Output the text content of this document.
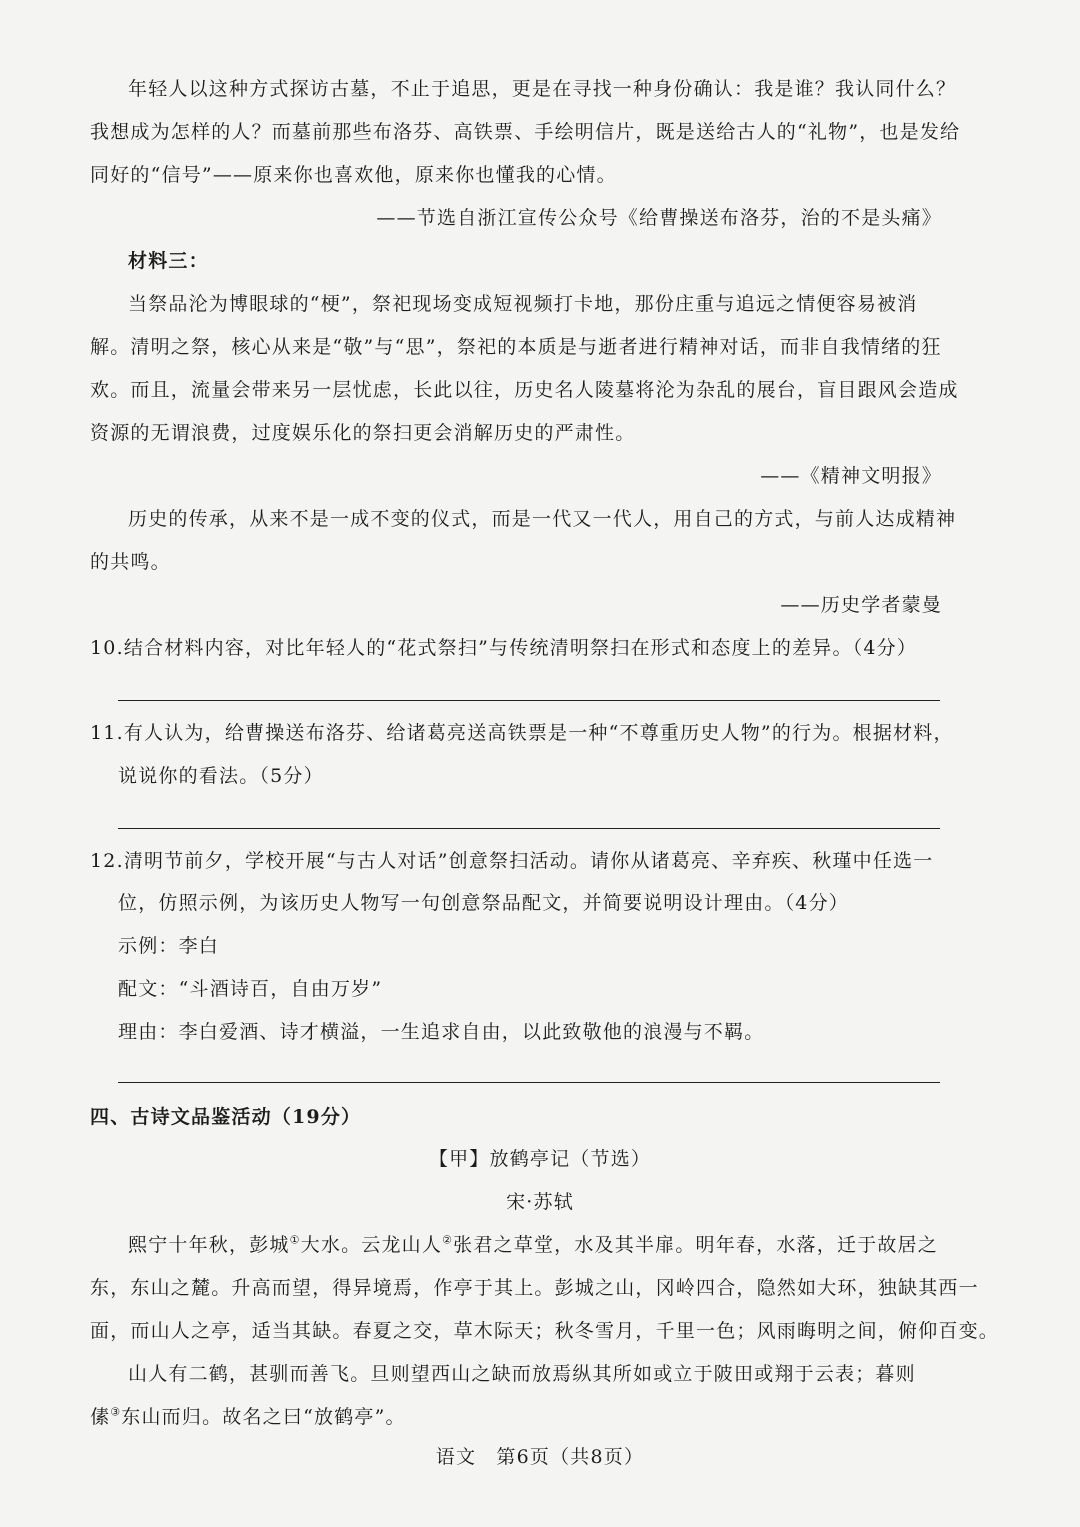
年轻人以这种方式探访古墓，不止于追思，更是在寻找一种身份确认：我是谁？我认同什么？
我想成为怎样的人？而墓前那些布洛芬、高铁票、手绘明信片，既是送给古人的“礼物”，也是发给
同好的“信号”——原来你也喜欢他，原来你也懂我的心情。
——节选自浙江宣传公众号《给曹操送布洛芬，治的不是头痛》
材料三：
当祭品沦为博眼球的“梗”，祭祀现场变成短视频打卡地，那份庄重与追远之情便容易被消
解。清明之祭，核心从来是“敬”与“思”，祭祀的本质是与逝者进行精神对话，而非自我情绪的狂
欢。而且，流量会带来另一层忧虑，长此以往，历史名人陵墓将沦为杂乱的展台，盲目跟风会造成
资源的无谓浪费，过度娱乐化的祭扫更会消解历史的严肃性。
——《精神文明报》
历史的传承，从来不是一成不变的仪式，而是一代又一代人，用自己的方式，与前人达成精神
的共鸣。
——历史学者蒙曼
10.结合材料内容，对比年轻人的“花式祭扫”与传统清明祭扫在形式和态度上的差异。（4分）
11.有人认为，给曹操送布洛芬、给诸葛亮送高铁票是一种“不尊重历史人物”的行为。根据材料，
说说你的看法。（5分）
12.清明节前夕，学校开展“与古人对话”创意祭扫活动。请你从诸葛亮、辛弃疾、秋瑾中任选一
位，仿照示例，为该历史人物写一句创意祭品配文，并简要说明设计理由。（4分）
示例：李白
配文：“斗酒诗百，自由万岁”
理由：李白爱酒、诗才横溢，一生追求自由，以此致敬他的浪漫与不羁。
四、古诗文品鉴活动（19分）
【甲】放鹤亭记（节选）
宋·苏轼
熙宁十年秋，彭城①大水。云龙山人②张君之草堂，水及其半扉。明年春，水落，迁于故居之
东，东山之麓。升高而望，得异境焉，作亭于其上。彭城之山，冈岭四合，隐然如大环，独缺其西一
面，而山人之亭，适当其缺。春夏之交，草木际天；秋冬雪月，千里一色；风雨晦明之间，俯仰百变。
山人有二鹤，甚驯而善飞。旦则望西山之缺而放焉纵其所如或立于陂田或翔于云表；暮则
傃③东山而归。故名之曰“放鹤亭”。
语文　第6页（共8页）
